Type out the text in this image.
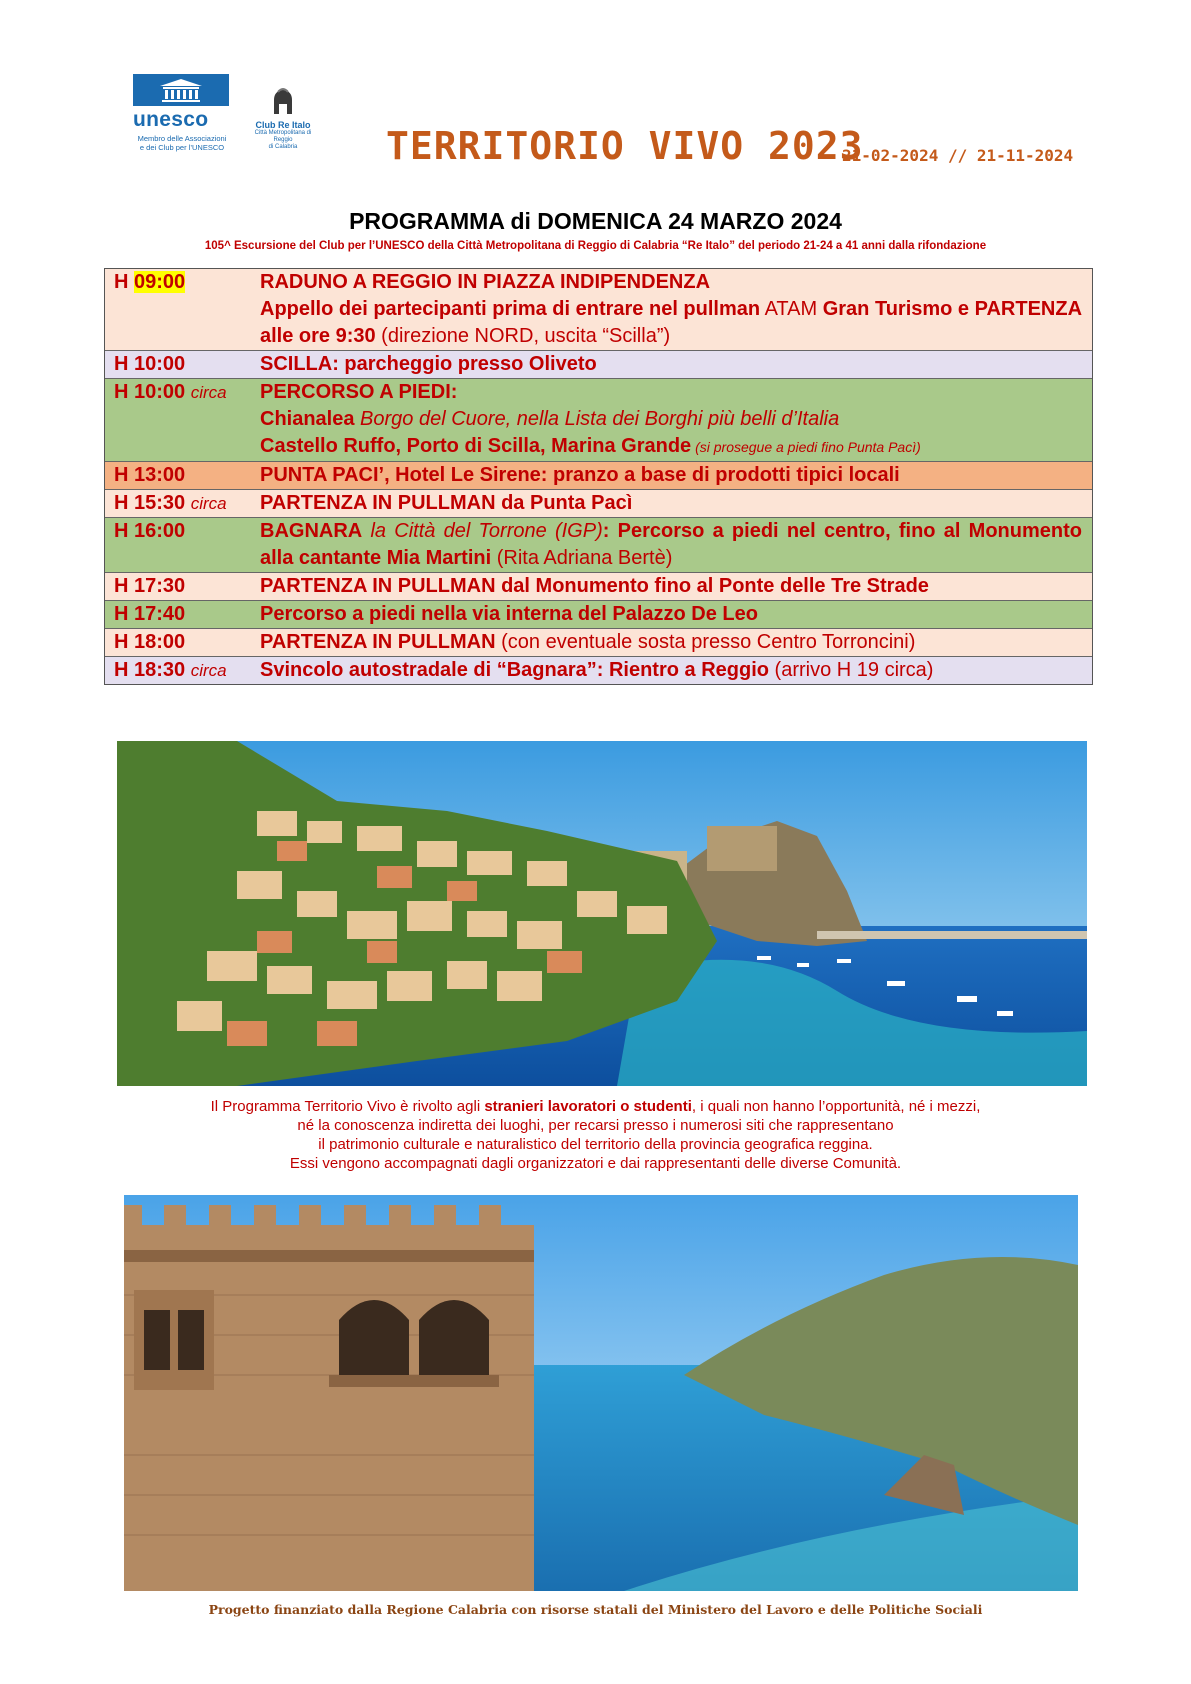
unesco
Membro delle Associazioni
e dei Club per l’UNESCO
Club Re Italo
Città Metropolitana di
Reggio
di Calabria	TERRITORIO VIVO 2023
21-02-2024 // 21-11-2024
PROGRAMMA di DOMENICA 24 MARZO 2024
105^ Escursione del Club per l’UNESCO della Città Metropolitana di Reggio di Calabria “Re Italo” del periodo 21-24 a 41 anni dalla rifondazione
H 09:00	RADUNO A REGGIO IN PIAZZA INDIPENDENZA
Appello dei partecipanti prima di entrare nel pullman ATAM Gran Turismo e PARTENZA alle ore 9:30 (direzione NORD, uscita “Scilla”)
H 10:00	SCILLA: parcheggio presso Oliveto
H 10:00 circa	PERCORSO A PIEDI:
Chianalea Borgo del Cuore, nella Lista dei Borghi più belli d’Italia
Castello Ruffo, Porto di Scilla, Marina Grande (si prosegue a piedi fino Punta Pacì)
H 13:00	PUNTA PACI’, Hotel Le Sirene: pranzo a base di prodotti tipici locali
H 15:30 circa	PARTENZA IN PULLMAN da Punta Pacì
H 16:00	BAGNARA la Città del Torrone (IGP): Percorso a piedi nel centro, fino al Monumento alla cantante Mia Martini (Rita Adriana Bertè)
H 17:30	PARTENZA IN PULLMAN dal Monumento fino al Ponte delle Tre Strade
H 17:40	Percorso a piedi nella via interna del Palazzo De Leo
H 18:00	PARTENZA IN PULLMAN (con eventuale sosta presso Centro Torroncini)
H 18:30 circa	Svincolo autostradale di “Bagnara”: Rientro a Reggio (arrivo H 19 circa)
Il Programma Territorio Vivo è rivolto agli stranieri lavoratori o studenti, i quali non hanno l’opportunità, né i mezzi,
né la conoscenza indiretta dei luoghi, per recarsi presso i numerosi siti che rappresentano
il patrimonio culturale e naturalistico del territorio della provincia geografica reggina.
Essi vengono accompagnati dagli organizzatori e dai rappresentanti delle diverse Comunità.
Progetto finanziato dalla Regione Calabria con risorse statali del Ministero del Lavoro e delle Politiche Sociali
